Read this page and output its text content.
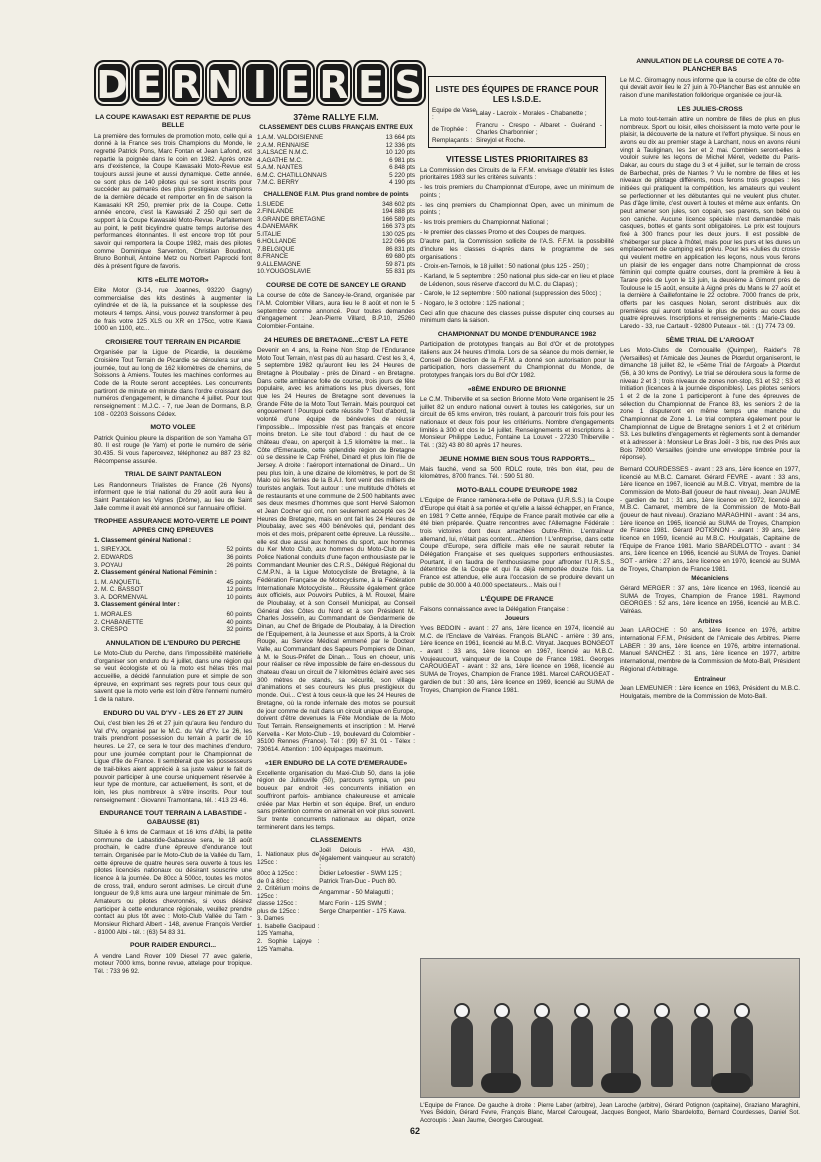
D E R N I E R E S
LA COUPE KAWASAKI EST REPARTIE DE PLUS BELLE

La première des formules de promotion moto, celle qui a donné à la France ses trois Champions du Monde, le regretté Patrick Pons, Marc Fontan et Jean Lafond, est repartie la poignée dans le coin en 1982. Après onze ans d'existence, la Coupe Kawasaki Moto-Revue est toujours aussi jeune et aussi dynamique. Cette année, ce sont plus de 140 pilotes qui se sont inscrits pour succéder au palmarès des plus prestigieux champions de la dernière décade et remporter en fin de saison la Kawasaki KR 250, premier prix de la Coupe. Cette année encore, c'est la Kawasaki Z 250 qui sert de support à la Coupe Kawasaki Moto-Revue. Parfaitement au point, le petit bicylindre quatre temps autorise des performances étonnantes. Il est encore trop tôt pour savoir qui remportera la Coupe 1982, mais des pilotes comme Dominique Sarventon, Christian Boudinot, Bruno Bonhuil, Antoine Metz ou Norbert Paprocki font dès à présent figure de favoris.

KITS «ELITE MOTOR»

Elite Motor (3-14, rue Joannes, 93220 Gagny) commercialise des kits destinés à augmenter la cylindrée et de là, la puissance et la souplesse des moteurs 4 temps. Ainsi, vous pouvez transformer à peu de frais votre 125 XLS ou XR en 175cc, votre Kawa 1000 en 1100, etc...

CROISIERE TOUT TERRAIN EN PICARDIE

Organisée par la Ligue de Picardie, la deuxième Croisière Tout Terrain de Picardie se déroulera sur une journée, tout au long de 162 kilomètres de chemins, de Soissons à Amiens. Toutes les machines conformes au Code de la Route seront acceptées. Les concurrents partiront de minute en minute dans l'ordre croissant des numéros d'engagement, le dimanche 4 juillet. Pour tout renseignement : M.J.C. - 7, rue Jean de Dormans, B.P. 108 - 02203 Soissons Cédex.

MOTO VOLEE

Patrick Quiniou pleure la disparition de son Yamaha GT 80. Il est rouge (le Yam) et porte le numéro de série 30.435. Si vous l'apercevez, téléphonez au 887 23 82. Récompense assurée.

TRIAL DE SAINT PANTALEON

Les Randonneurs Trialistes de France (26 Nyons) informent que le trial national du 29 août aura lieu à Saint Pantaléon les Vignes (Drôme), au lieu de Saint Jalle comme il avait été annoncé sur l'annuaire officiel.

TROPHEE ASSURANCE MOTO-VERTE LE POINT APRES CINQ EPREUVES

1. Classement général National :

1. SIREYJOL	52 points
2. EDWARDS	36 points
3. POYAU	26 points

2. Classement général National Féminin :

1. M. ANQUETIL	45 points
2. M. C. BASSOT	12 points
3. A. DORMENVAL	10 points

3. Classement général Inter :

1. MORALES	60 points
2. CHABANETTE	40 points
3. CRESPO	32 points
ANNULATION DE L'ENDURO DU PERCHE

Le Moto-Club du Perche, dans l'impossibilité matérielle d'organiser son enduro du 4 juillet, dans une région qui se veut écologiste et où la moto est hélas très mal accueillie, a décidé l'annulation pure et simple de son épreuve, en exprimant ses regrets pour tous ceux qui savent que la moto verte est loin d'être l'ennemi numéro 1 de la nature.

ENDURO DU VAL D'YV - LES 26 ET 27 JUIN

Oui, c'est bien les 26 et 27 juin qu'aura lieu l'enduro du Val d'Yv, organisé par le M.C. du Val d'Yv. Le 26, les trails prendront possession du terrain à partir de 10 heures. Le 27, ce sera le tour des machines d'enduro, pour une journée comptant pour le Championnat de Ligue d'Ile de France. Il semblerait que les possesseurs de trail-bikes aient apprécié à sa juste valeur le fait de pouvoir participer à une course uniquement réservée à leur type de monture, car actuellement, ils sont, et de loin, les plus nombreux à s'être inscrits. Pour tout renseignement : Giovanni Tramontana, tél. : 413 23 46.

ENDURANCE TOUT TERRAIN A LABASTIDE - GABAUSSE (81)

Située à 6 kms de Carmaux et 16 kms d'Albi, la petite commune de Labastide-Gabausse sera, le 18 août prochain, le cadre d'une épreuve d'endurance tout terrain. Organisée par le Moto-Club de la Vallée du Tarn, cette épreuve de quatre heures sera ouverte à tous les pilotes licenciés nationaux ou désirant souscrire une licence à la journée. De 80cc à 500cc, toutes les motos de cross, trail, enduro seront admises. Le circuit d'une longueur de 9,8 kms aura une largeur minimale de 5m. Amateurs ou pilotes chevronnés, si vous désirez participer à cette endurance régionale, veuillez prendre contact au plus tôt avec : Moto-Club Vallée du Tarn - Monsieur Richard Albert - 148, avenue François Verdier - 81000 Albi - tél. : (63) 54 83 31.

POUR RAIDER ENDURCI...

A vendre Land Rover 109 Diesel 77 avec galerie, moteur 7000 kms, bonne revue, attelage pour tropique. Tél. : 733 96 92.

37ème RALLYE F.I.M.

CLASSEMENT DES CLUBS FRANÇAIS ENTRE EUX

1.A.M. VALDOISIENNE	13 664 pts
2.A.M. RENNAISE	12 336 pts
3.ALSACE N.M.C.	10 120 pts
4.AGATHE M.C.	6 981 pts
5.A.M. NANTES	6 848 pts
6.M.C. CHATILLONNAIS	5 220 pts
7.M.C. BERRY	4 190 pts

CHALLENGE F.I.M. Plus grand nombre de points

1.SUEDE	348 602 pts
2.FINLANDE	194 888 pts
3.GRANDE BRETAGNE	166 589 pts
4.DANEMARK	166 373 pts
5.ITALIE	130 025 pts
6.HOLLANDE	122 066 pts
7.BELGIQUE	86 831 pts
8.FRANCE	69 680 pts
9.ALLEMAGNE	59 871 pts
10.YOUGOSLAVIE	55 831 pts
COURSE DE COTE DE SANCEY LE GRAND

La course de côte de Sancey-le-Grand, organisée par l'A.M. Colombier Villars, aura lieu le 8 août et non le 5 septembre comme annoncé. Pour toutes demandes d'engagement : Jean-Pierre Villard, B.P.10, 25260 Colombier-Fontaine.

24 HEURES DE BRETAGNE...C'EST LA FETE

Devenir en 4 ans, la Reine Non Stop de l'Endurance Moto Tout Terrain, n'est pas dû au hasard. C'est les 3, 4, 5 septembre 1982 qu'auront lieu les 24 Heures de Bretagne à Ploubalay - près de Dinard - en Bretagne. Dans cette ambiance folle de course, trois jours de fête populaire, avec les animations les plus diverses, font que les 24 Heures de Bretagne sont devenues la Grande Fête de la Moto Tout Terrain. Mais pourquoi cet engouement ! Pourquoi cette réussite ? Tout d'abord, la volonté d'une équipe de bénévoles de réussir l'impossible... Impossible n'est pas français et encore moins breton. Le site tout d'abord : du haut de ce château d'eau, on aperçoit à 1,5 kilomètre la mer... la Côte d'Emeraude, cette splendide région de Bretagne où se dessine le Cap Fréhel, Dinard et plus loin l'Ile de Jersey. A droite : l'aéroport international de Dinard... Un peu plus loin, à une dizaine de kilomètres, le port de St Malo où les ferries de la B.A.I. font venir des milliers de touristes anglais. Tout autour : une multitude d'hôtels et de restaurants et une commune de 2.500 habitants avec ses deux mesmes d'hommes que sont Hervé Salomon et Jean Cocher qui ont, non seulement accepté ces 24 Heures de Bretagne, mais en ont fait les 24 Heures de Ploubalay, avec ses 400 bénévoles qui, pendant des mois et des mois, préparent cette épreuve. La réussite... elle est due aussi aux hommes du sport, aux hommes du Ker Moto Club, aux hommes du Moto-Club de la Police National conduits d'une façon enthousiaste par le Commandant Meunier des C.R.S., Délégué Régional du C.M.P.N., à la Ligue Motocycliste de Bretagne, à la Fédération Française de Motocyclisme, à la Fédération Internationale Motocycliste... Réussite également grâce aux officiels, aux Pouvoirs Publics, à M. Rouxel, Maire de Ploubalay, et à son Conseil Municipal, au Conseil Général des Côtes du Nord et à son Président M. Charles Josselin, au Commandant de Gendarmerie de Dinan, au Chef de Brigade de Ploubalay, à la Direction de l'Equipement, à la Jeunesse et aux Sports, à la Croix Rouge, au Service Médical emmené par le Docteur Valle, au Commandant des Sapeurs Pompiers de Dinan, à M. le Sous-Préfet de Dinan... Tous en choeur, unis pour réaliser ce rêve impossible de faire en-dessous du chateau d'eau un circuit de 7 kilomètres éclairé avec ses 300 mètres de stands, sa sécurité, son village d'animations et ses coureurs les plus prestigieux du monde. Oui... C'est à tous ceux-là que les 24 Heures de Bretagne, où la ronde infernale des motos se poursuit de jour comme de nuit dans un circuit unique en Europe, doivent d'être devenues la Fête Mondiale de la Moto Tout Terrain. Renseignements et inscription : M. Hervé Kervella - Ker Moto-Club - 19, boulevard du Colombier - 35100 Rennes (France). Tél : (99) 67 31 01 - Télex : 730614. Attention : 100 équipages maximum.

«1ER ENDURO DE LA COTE D'EMERAUDE»

Excellente organisation du Maxi-Club 50, dans la jolie région de Jullouville (50), parcours sympa, un peu boueux par endroit -les concurrents initiation en souffriront parfois- ambiance chaleureuse et amicale créée par Max Herbin et son équipe. Bref, un enduro sans prétention comme on aimerait en voir plus souvent. Sur trente concurrents nationaux au départ, onze terminerent dans les temps.

CLASSEMENTS
1. Nationaux plus de 125cc :	Joël Delouis - HVA 430, (également vainqueur au scratch) ;
80cc à 125cc :	Didier Lefoestier - SWM 125 ;
de 0 à 80cc :	Patrick Tran-Duc - Puch 80.
2. Critérium moins de 125cc :	Angammar - 50 Malagutti ;
classe 125cc :	Marc Forin - 125 SWM ;
plus de 125cc :	Serge Charpentier - 175 Kawa.
3. Dames	
1. Isabelle Gacipaud : 125 Yamaha,	
2. Sophie Lajoye : 125 Yamaha.	
LISTE DES ÉQUIPES DE FRANCE POUR LES I.S.D.E.
Equipe de Vase :	Lalay - Lacroix - Morales - Chabanette ;
de Trophée :	Francru - Crespo - Albaret - Guérand - Charles Charbonnier ;
Remplaçants :	Sireyjol et Roche.
VITESSE LISTES PRIORITAIRES 83

La Commission des Circuits de la F.F.M. envisage d'établir les listes prioritaires 1983 sur les critères suivants :

- les trois premiers du Championnat d'Europe, avec un minimum de points ;

- les cinq premiers du Championnat Open, avec un minimum de points ;

- les trois premiers du Championnat National ;

- le premier des classes Promo et des Coupes de marques.

D'autre part, la Commission sollicite de l'A.S. F.F.M. la possibilité d'inclure les classes ci-après dans le programme de ses organisations :

- Croix-en-Ternois, le 18 juillet : 50 national (plus 125 - 250) ;

- Karland, le 5 septembre : 250 national plus side-car en lieu et place de Lédenon, sous réserve d'accord du M.C. du Clapas) ;

- Carole, le 12 septembre : 500 national (suppression des 50cc) ;

- Nogaro, le 3 octobre : 125 national ;

Ceci afin que chacune des classes puisse disputer cinq courses au minimum dans la saison.

CHAMPIONNAT DU MONDE D'ENDURANCE 1982

Participation de prototypes français au Bol d'Or et de prototypes italiens aux 24 heures d'Imola. Lors de sa séance du mois dernier, le Conseil de Direction de la F.F.M. a donné son autorisation pour la participation, hors classement du Championnat du Monde, de prototypes français lors du Bol d'Or 1982.

«8ÈME ENDURO DE BRIONNE

Le C.M. Thiberville et sa section Brionne Moto Verte organisent le 25 juillet 82 un enduro national ouvert à toutes les catégories, sur un circuit de 65 kms environ, très roulant, à parcourir trois fois pour les nationaux et deux fois pour les critériums. Nombre d'engagements limités à 300 et clos le 14 juillet. Renseignements et inscriptions à : Monsieur Philippe Leduc, Fontaine La Louvet - 27230 Thiberville - Tél. : (32) 43 80 80 après 17 heures.

JEUNE HOMME BIEN SOUS TOUS RAPPORTS...

Mais fauché, vend sa 500 RDLC route, très bon état, peu de kilomètres, 8700 francs. Tél. : 590 51 80.

MOTO-BALL COUPE D'EUROPE 1982

L'Equipe de France ramènera-t-elle de Poltava (U.R.S.S.) la Coupe d'Europe qui était à sa portée et qu'elle a laissé échapper, en France, en 1981 ? Cette année, l'Equipe de France paraît motivée car elle a été bien préparée. Quatre rencontres avec l'Allemagne Fédérale : trois victoires dont deux arrachées Outre-Rhin. L'entraîneur allemand, lui, n'était pas content... Attention ! L'entreprise, dans cette Coupe d'Europe, sera difficile mais elle ne saurait rebuter la Délégation Française et ses quelques supporters enthousiastes. Pourtant, il en faudra de l'enthousiasme pour affronter l'U.R.S.S., détentrice de la Coupe et qui l'a déjà remportée douze fois. La France est attendue, elle aura l'occasion de se produire devant un public de 30.000 à 40.000 spectateurs... Mais oui !

L'ÉQUIPE DE FRANCE

Faisons connaissance avec la Délégation Française :

Joueurs

Yves BEDOIN - avant : 27 ans, 1ère licence en 1974, licencié au M.C. de l'Enclave de Valréas. François BLANC - arrière : 39 ans, 1ère licence en 1961, licencié au M.B.C. Vitryat. Jacques BONGEOT - avant : 33 ans, 1ère licence en 1967, licencié au M.B.C. Voujeaucourt, vainqueur de la Coupe de France 1981. Georges CAROUGEAT - avant : 32 ans, 1ère licence en 1968, licencié au SUMA de Troyes, Champion de France 1981. Marcel CAROUGEAT - gardien de but : 30 ans, 1ère licence en 1969, licencié au SUMA de Troyes, Champion de France 1981.

ANNULATION DE LA COURSE DE COTE A 70-PLANCHER BAS

Le M.C. Giromagny nous informe que la course de côte de côte qui devait avoir lieu le 27 juin à 70-Plancher Bas est annulée en raison d'une manifestation folklorique organisée ce jour-là.

LES JULIES-CROSS

La moto tout-terrain attire un nombre de filles de plus en plus nombreux. Sport ou loisir, elles choisissent la moto verte pour le plaisir, la découverte de la nature et l'effort physique. Si nous en avons eu dix au premier stage à Larchant, nous en avons réuni vingt à Tauliginan, les 1er et 2 mai. Combien seront-elles à vouloir suivre les leçons de Michel Mérel, vedette du Paris-Dakar, au cours du stage du 3 et 4 juillet, sur le terrain de cross de Barbechat, près de Nantes ? Vu le nombre de filles et les niveaux de pilotage différents, nous ferons trois groupes : les initiées qui pratiquent la compétition, les amateurs qui veulent se perfectionner et les débutantes qui ne veulent plus chuter. Pas d'âge limite, c'est ouvert à toutes et même aux enfants. On peut amener son jules, son copain, ses parents, son bébé ou son caniche. Aucune licence spéciale n'est demandée mais casques, bottes et gants sont obligatoires. Le prix est toujours fixé à 300 francs pour les deux jours. Il est possible de s'héberger sur place à l'hôtel, mais pour les purs et les dures un emplacement de camping est prévu. Pour les «Julies du cross» qui veulent mettre en application les leçons, nous vous ferons un plaisir de les engager dans notre Championnat de cross féminin qui compte quatre courses, dont la première à lieu à Tarare près de Lyon le 13 juin, la deuxième à Gimont près de Toulouse le 15 août, ensuite à Aigné près du Mans le 27 août et la dernière à Gaillefontaine le 22 octobre. 7000 francs de prix, offerts par les casques Nolan, seront distribués aux dix premières qui auront totalisé le plus de points au cours des quatre épreuves. Inscriptions et renseignements : Marie-Claude Laredo - 33, rue Cartault - 92800 Puteaux - tél. : (1) 774 73 09.

5ÈME TRIAL DE L'ARGOAT

Les Moto-Clubs de Cornouaille (Quimper), Raider's 78 (Versailles) et l'Amicale des Jeunes de Plœrdut organiseront, le dimanche 18 juillet 82, le «5ème Trial de l'Argoat» à Plœrdut (56, à 30 kms de Pontivy). Le trial se déroulera sous la forme de niveau 2 et 3 ; trois niveaux de zones non-stop, S1 et S2 ; S3 et Initiation (licences à la journée disponibles). Les pilotes seniors 1 et 2 de la zone 1 participeront à l'une des épreuves de sélection du Championnat de France 83, les seniors 2 de la zone 1 disputeront en même temps une manche du Championnat de Zone 1. Le trial comptera également pour le Championnat de Ligue de Bretagne seniors 1 et 2 et critérium S3. Les bulletins d'engagements et règlements sont à demander et à adresser à : Monsieur Le Bras Joël - 3 bis, rue des Prés aux Bois 78000 Versailles (joindre une enveloppe timbrée pour la réponse).

Bernard COURDESSES - avant : 23 ans, 1ère licence en 1977, licencié au M.B.C. Camaret. Gérard FEVRE - avant : 33 ans, 1ère licence en 1967, licencié au M.B.C. Vitryat, membre de la Commission de Moto-Ball (joueur de haut niveau). Jean JAUME - gardien de but : 31 ans, 1ère licence en 1972, licencié au M.B.C. Camaret, membre de la Commission de Moto-Ball (joueur de haut niveau). Graziano MARAGHINI - avant : 34 ans, 1ère licence en 1965, licencié au SUMA de Troyes, Champion de France 1981. Gérard POTIGNON - avant : 39 ans, 1ère licence en 1959, licencié au M.B.C. Houlgatais, Capitaine de l'Equipe de France 1981. Mario SBARDELOTTO - avant : 34 ans, 1ère licence en 1966, licencié au SUMA de Troyes. Daniel SOT - arrière : 27 ans, 1ère licence en 1970, licencié au SUMA de Troyes, Champion de France 1981.

Mécaniciens

Gérard MERGER : 37 ans, 1ère licence en 1963, licencié au SUMA de Troyes, Champion de France 1981. Raymond GEORGES : 52 ans, 1ère licence en 1956, licencié au M.B.C. Valréas.

Arbitres

Jean LAROCHE : 50 ans, 1ère licence en 1976, arbitre international F.F.M., Président de l'Amicale des Arbitres. Pierre LABER : 39 ans, 1ère licence en 1976, arbitre international. Manuel SANCHEZ : 31 ans, 1ère licence en 1977, arbitre international, membre de la Commission de Moto-Ball, Président Régional d'Arbitrage.

Entraîneur

Jean LEMEUNIER : 1ère licence en 1963, Président du M.B.C. Houlgatais, membre de la Commission de Moto-Ball.

L'Equipe de France. De gauche à droite : Pierre Laber (arbitre), Jean Laroche (arbitre), Gérard Potignon (capitaine), Graziano Maraghini, Yves Bédoin, Gérard Fevre, François Blanc, Marcel Carougeat, Jacques Bongeot, Mario Sbardelotto, Bernard Courdesses, Daniel Sot. Accroupis : Jean Jaume, Georges Carougeat.

62
